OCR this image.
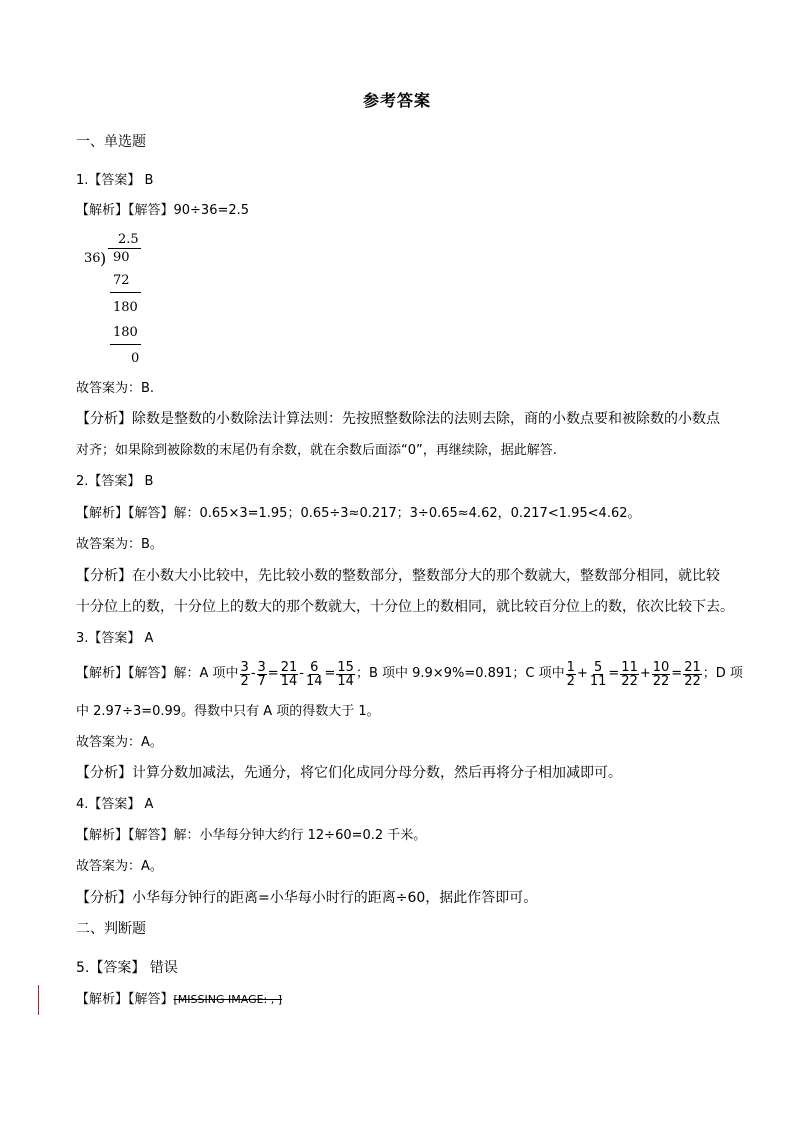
参考答案
一、单选题
1.【答案】 B
【解析】【解答】90÷36=2.5
2.5
36 ) 90
72
180
180
0
故答案为：B.
【分析】除数是整数的小数除法计算法则：先按照整数除法的法则去除，商的小数点要和被除数的小数点
对齐；如果除到被除数的末尾仍有余数，就在余数后面添“0”，再继续除，据此解答.
2.【答案】 B
【解析】【解答】解：0.65×3=1.95；0.65÷3≈0.217；3÷0.65≈4.62，0.217<1.95<4.62。
故答案为：B。
【分析】在小数大小比较中，先比较小数的整数部分，整数部分大的那个数就大，整数部分相同，就比较
十分位上的数，十分位上的数大的那个数就大，十分位上的数相同，就比较百分位上的数，依次比较下去。
3.【答案】 A
【解析】【解答】解：A 项中 $\frac{3}{2} - \frac{3}{7} = \frac{21}{14} - \frac{6}{14} = \frac{15}{14}$ ；B 项中 9.9×9%=0.891；C 项中 $\frac{1}{2} + \frac{5}{11} = \frac{11}{22} + \frac{10}{22} = \frac{21}{22}$ ；D 项
中 2.97÷3=0.99。得数中只有 A 项的得数大于 1。
故答案为：A。
【分析】计算分数加减法，先通分，将它们化成同分母分数，然后再将分子相加减即可。
4.【答案】 A
【解析】【解答】解：小华每分钟大约行 12÷60=0.2 千米。
故答案为：A。
【分析】小华每分钟行的距离=小华每小时行的距离÷60，据此作答即可。
二、判断题
5.【答案】 错误
【解析】【解答】[MISSING IMAGE: , ]
